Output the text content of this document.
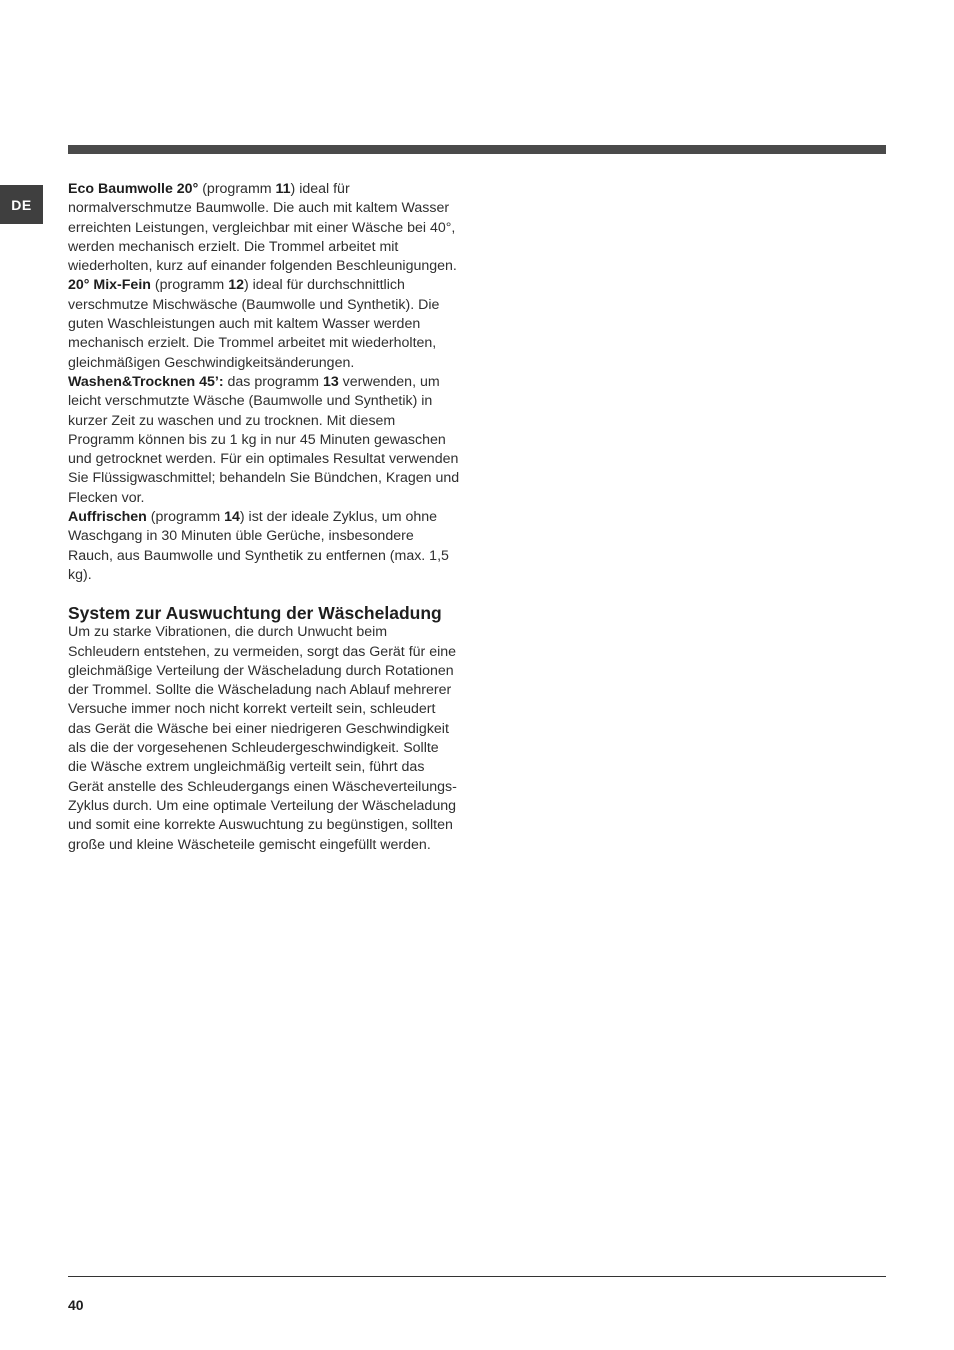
DE

Eco Baumwolle 20° (programm 11) ideal für normalverschmutze Baumwolle. Die auch mit kaltem Wasser erreichten Leistungen, vergleichbar mit einer Wäsche bei 40°, werden mechanisch erzielt. Die Trommel arbeitet mit wiederholten, kurz auf einander folgenden Beschleunigungen.

20° Mix-Fein (programm 12) ideal für durchschnittlich verschmutze Mischwäsche (Baumwolle und Synthetik). Die guten Waschleistungen auch mit kaltem Wasser werden mechanisch erzielt. Die Trommel arbeitet mit wiederholten, gleichmäßigen Geschwindigkeitsänderungen.

Washen&Trocknen 45’: das programm 13 verwenden, um leicht verschmutzte Wäsche (Baumwolle und Synthetik) in kurzer Zeit zu waschen und zu trocknen. Mit diesem Programm können bis zu 1 kg in nur 45 Minuten gewaschen und getrocknet werden. Für ein optimales Resultat verwenden Sie Flüssigwaschmittel; behandeln Sie Bündchen, Kragen und Flecken vor.

Auffrischen (programm 14) ist der ideale Zyklus, um ohne Waschgang in 30 Minuten üble Gerüche, insbesondere Rauch, aus Baumwolle und Synthetik zu entfernen (max. 1,5 kg).

System zur Auswuchtung der Wäscheladung

Um zu starke Vibrationen, die durch Unwucht beim Schleudern entstehen, zu vermeiden, sorgt das Gerät für eine gleichmäßige Verteilung der Wäscheladung durch Rotationen der Trommel. Sollte die Wäscheladung nach Ablauf mehrerer Versuche immer noch nicht korrekt verteilt sein, schleudert das Gerät die Wäsche bei einer niedrigeren Geschwindigkeit als die der vorgesehenen Schleudergeschwindigkeit. Sollte die Wäsche extrem ungleichmäßig verteilt sein, führt das Gerät anstelle des Schleudergangs einen Wäscheverteilungs-Zyklus durch. Um eine optimale Verteilung der Wäscheladung und somit eine korrekte Auswuchtung zu begünstigen, sollten große und kleine Wäscheteile gemischt eingefüllt werden.

40
